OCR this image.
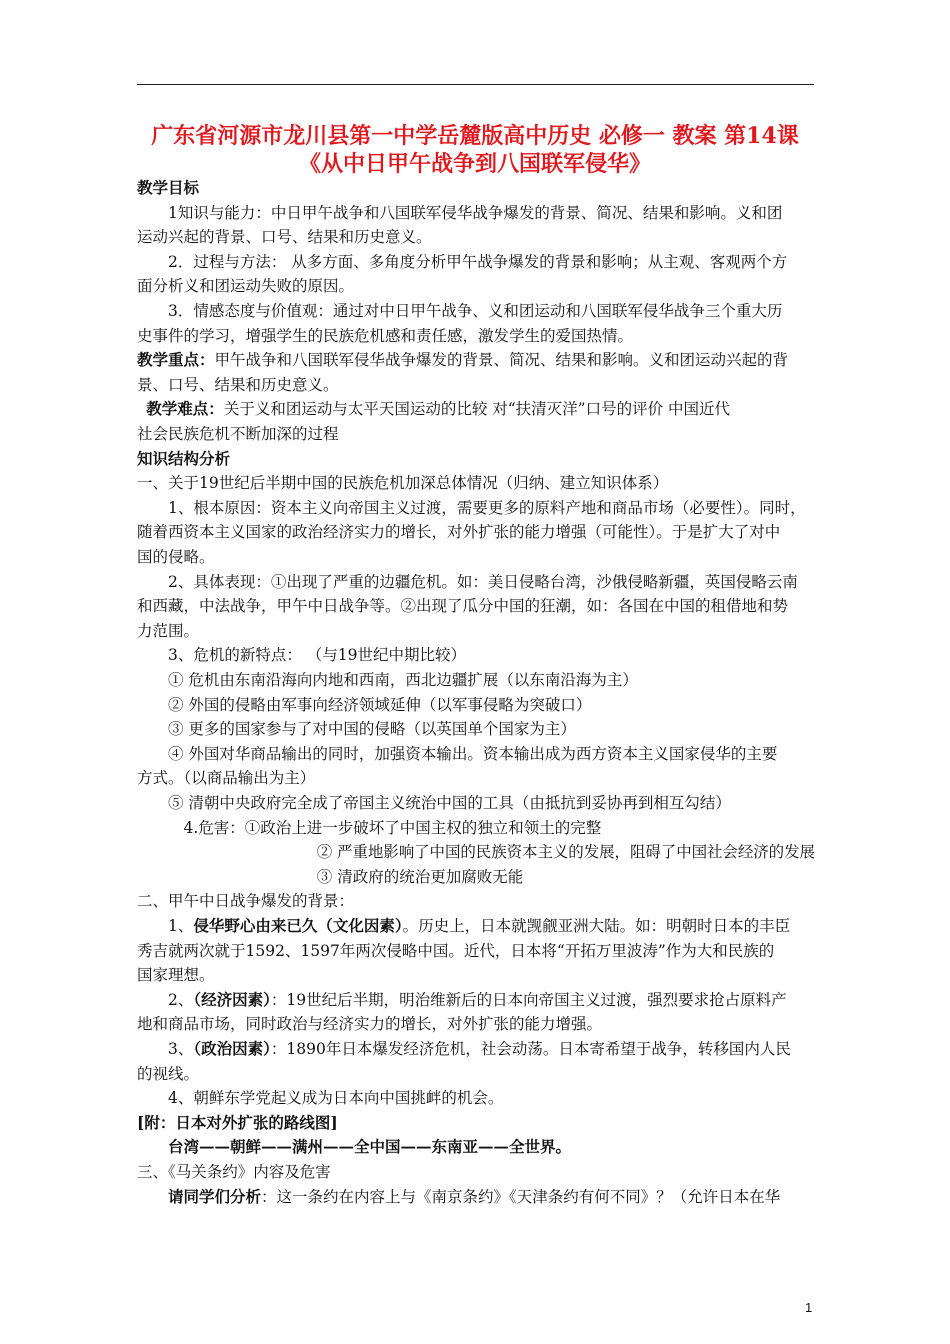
广东省河源市龙川县第一中学岳麓版高中历史 必修一 教案 第14课
《从中日甲午战争到八国联军侵华》
教学目标
1知识与能力：中日甲午战争和八国联军侵华战争爆发的背景、简况、结果和影响。义和团
运动兴起的背景、口号、结果和历史意义。
2．过程与方法： 从多方面、多角度分析甲午战争爆发的背景和影响；从主观、客观两个方
面分析义和团运动失败的原因。
3．情感态度与价值观：通过对中日甲午战争、义和团运动和八国联军侵华战争三个重大历
史事件的学习，增强学生的民族危机感和责任感，激发学生的爱国热情。
教学重点：甲午战争和八国联军侵华战争爆发的背景、简况、结果和影响。义和团运动兴起的背
景、口号、结果和历史意义。
教学难点：关于义和团运动与太平天国运动的比较 对“扶清灭洋”口号的评价 中国近代
社会民族危机不断加深的过程
知识结构分析
一、关于19世纪后半期中国的民族危机加深总体情况（归纳、建立知识体系）
1、根本原因：资本主义向帝国主义过渡，需要更多的原料产地和商品市场（必要性）。同时，
随着西资本主义国家的政治经济实力的增长，对外扩张的能力增强（可能性）。于是扩大了对中
国的侵略。
2、具体表现：①出现了严重的边疆危机。如：美日侵略台湾，沙俄侵略新疆，英国侵略云南
和西藏，中法战争，甲午中日战争等。②出现了瓜分中国的狂潮，如：各国在中国的租借地和势
力范围。
3、危机的新特点： （与19世纪中期比较）
① 危机由东南沿海向内地和西南，西北边疆扩展（以东南沿海为主）
② 外国的侵略由军事向经济领域延伸（以军事侵略为突破口）
③ 更多的国家参与了对中国的侵略（以英国单个国家为主）
④ 外国对华商品输出的同时，加强资本输出。资本输出成为西方资本主义国家侵华的主要
方式。（以商品输出为主）
⑤ 清朝中央政府完全成了帝国主义统治中国的工具（由抵抗到妥协再到相互勾结）
4.危害：①政治上进一步破坏了中国主权的独立和领土的完整
② 严重地影响了中国的民族资本主义的发展，阻碍了中国社会经济的发展
③ 清政府的统治更加腐败无能
二、甲午中日战争爆发的背景：
1、侵华野心由来已久（文化因素）。历史上，日本就觊觎亚洲大陆。如：明朝时日本的丰臣
秀吉就两次就于1592、1597年两次侵略中国。近代，日本将“开拓万里波涛”作为大和民族的
国家理想。
2、（经济因素）：19世纪后半期，明治维新后的日本向帝国主义过渡，强烈要求抢占原料产
地和商品市场，同时政治与经济实力的增长，对外扩张的能力增强。
3、（政治因素）：1890年日本爆发经济危机，社会动荡。日本寄希望于战争，转移国内人民
的视线。
4、朝鲜东学党起义成为日本向中国挑衅的机会。
[附：日本对外扩张的路线图]
台湾——朝鲜——满州——全中国——东南亚——全世界。
三、《马关条约》内容及危害
请同学们分析：这一条约在内容上与《南京条约》《天津条约有何不同》？（允许日本在华
1
